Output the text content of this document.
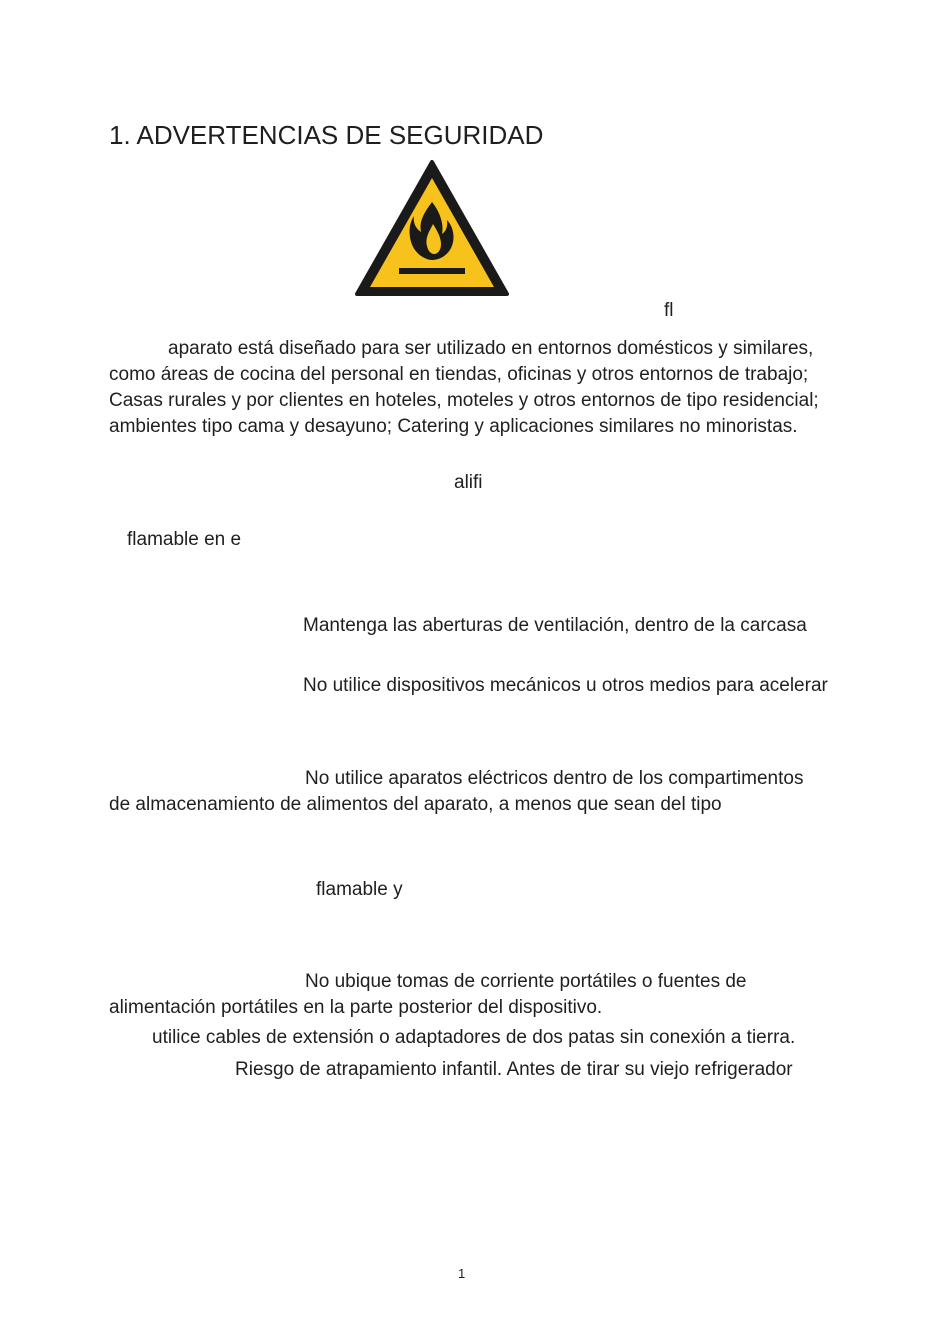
1. ADVERTENCIAS DE SEGURIDAD
fl
aparato está diseñado para ser utilizado en entornos domésticos y similares,
como áreas de cocina del personal en tiendas, oficinas y otros entornos de trabajo;
Casas rurales y por clientes en hoteles, moteles y otros entornos de tipo residencial;
ambientes tipo cama y desayuno; Catering y aplicaciones similares no minoristas.
alifi
flamable en e
Mantenga las aberturas de ventilación, dentro de la carcasa
No utilice dispositivos mecánicos u otros medios para acelerar
No utilice aparatos eléctricos dentro de los compartimentos
de almacenamiento de alimentos del aparato, a menos que sean del tipo
flamable y
No ubique tomas de corriente portátiles o fuentes de
alimentación portátiles en la parte posterior del dispositivo.
utilice cables de extensión o adaptadores de dos patas sin conexión a tierra.
Riesgo de atrapamiento infantil. Antes de tirar su viejo refrigerador
1
